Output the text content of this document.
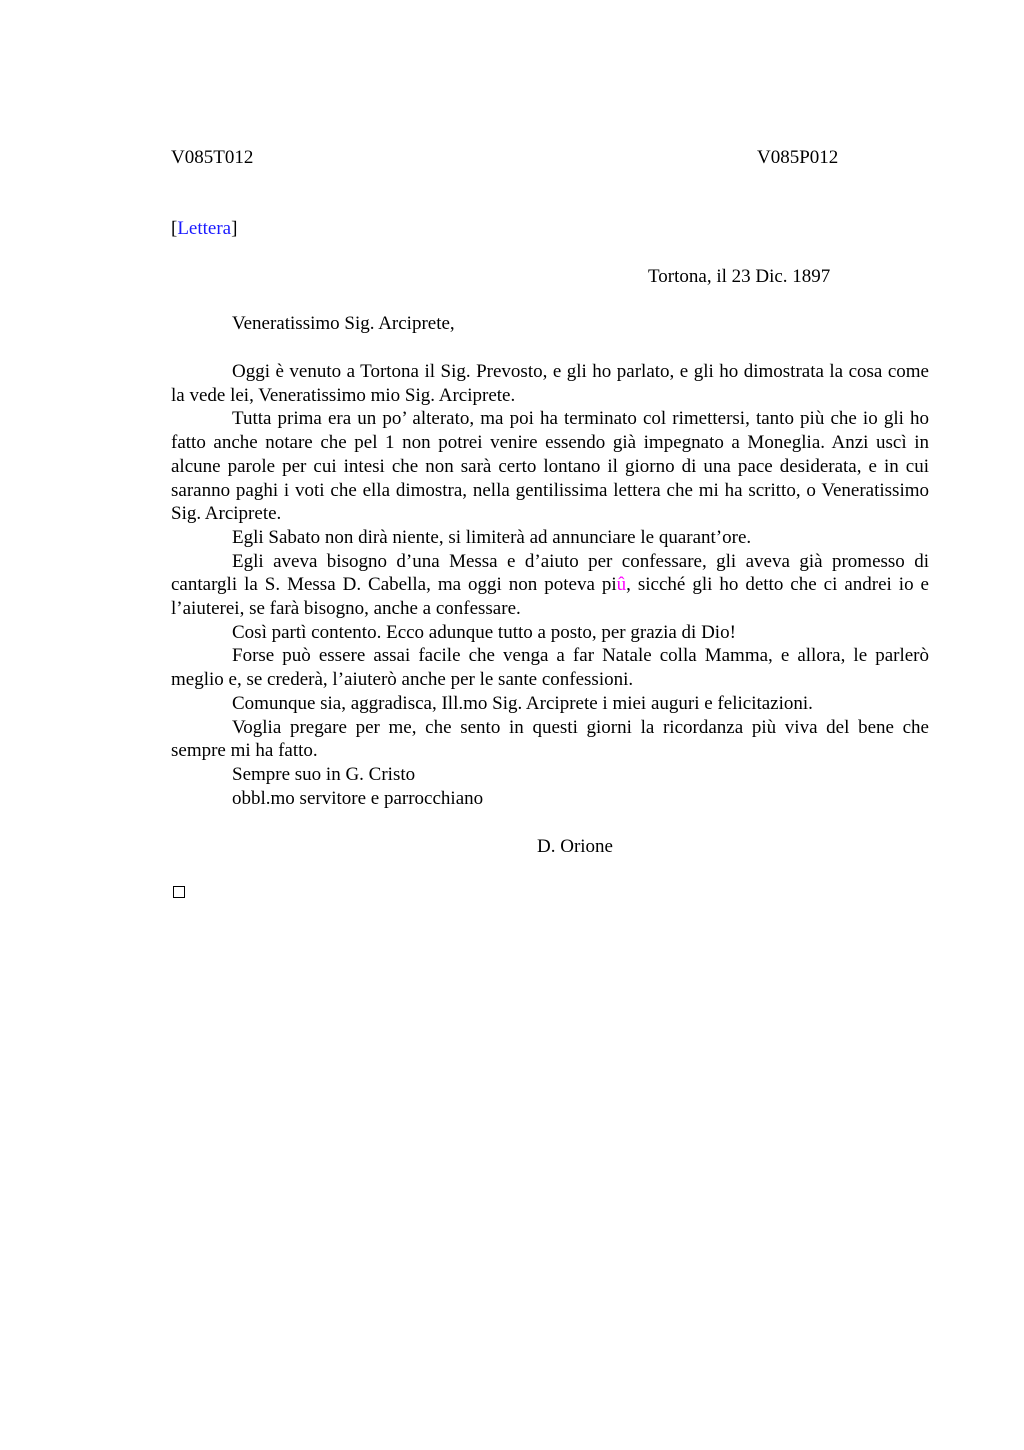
V085T012	V085P012
[Lettera]
Tortona, il 23 Dic. 1897
Veneratissimo Sig. Arciprete,

Oggi è venuto a Tortona il Sig. Prevosto, e gli ho parlato, e gli ho dimostrata la cosa come la vede lei, Veneratissimo mio Sig. Arciprete.

Tutta prima era un po’ alterato, ma poi ha terminato col rimettersi, tanto più che io gli ho fatto anche notare che pel 1 non potrei venire essendo già impegnato a Moneglia. Anzi uscì in alcune parole per cui intesi che non sarà certo lontano il giorno di una pace desiderata, e in cui saranno paghi i voti che ella dimostra, nella gentilissima lettera che mi ha scritto, o Veneratissimo Sig. Arciprete.

Egli Sabato non dirà niente, si limiterà ad annunciare le quarant’ore.

Egli aveva bisogno d’una Messa e d’aiuto per confessare, gli aveva già promesso di cantargli la S. Messa D. Cabella, ma oggi non poteva piû, sicché gli ho detto che ci andrei io e l’aiuterei, se farà bisogno, anche a confessare.

Così partì contento. Ecco adunque tutto a posto, per grazia di Dio!

Forse può essere assai facile che venga a far Natale colla Mamma, e allora, le parlerò meglio e, se crederà, l’aiuterò anche per le sante confessioni.

Comunque sia, aggradisca, Ill.mo Sig. Arciprete i miei auguri e felicitazioni.

Voglia pregare per me, che sento in questi giorni la ricordanza più viva del bene che sempre mi ha fatto.

Sempre suo in G. Cristo
obbl.mo servitore e parrocchiano
D. Orione
